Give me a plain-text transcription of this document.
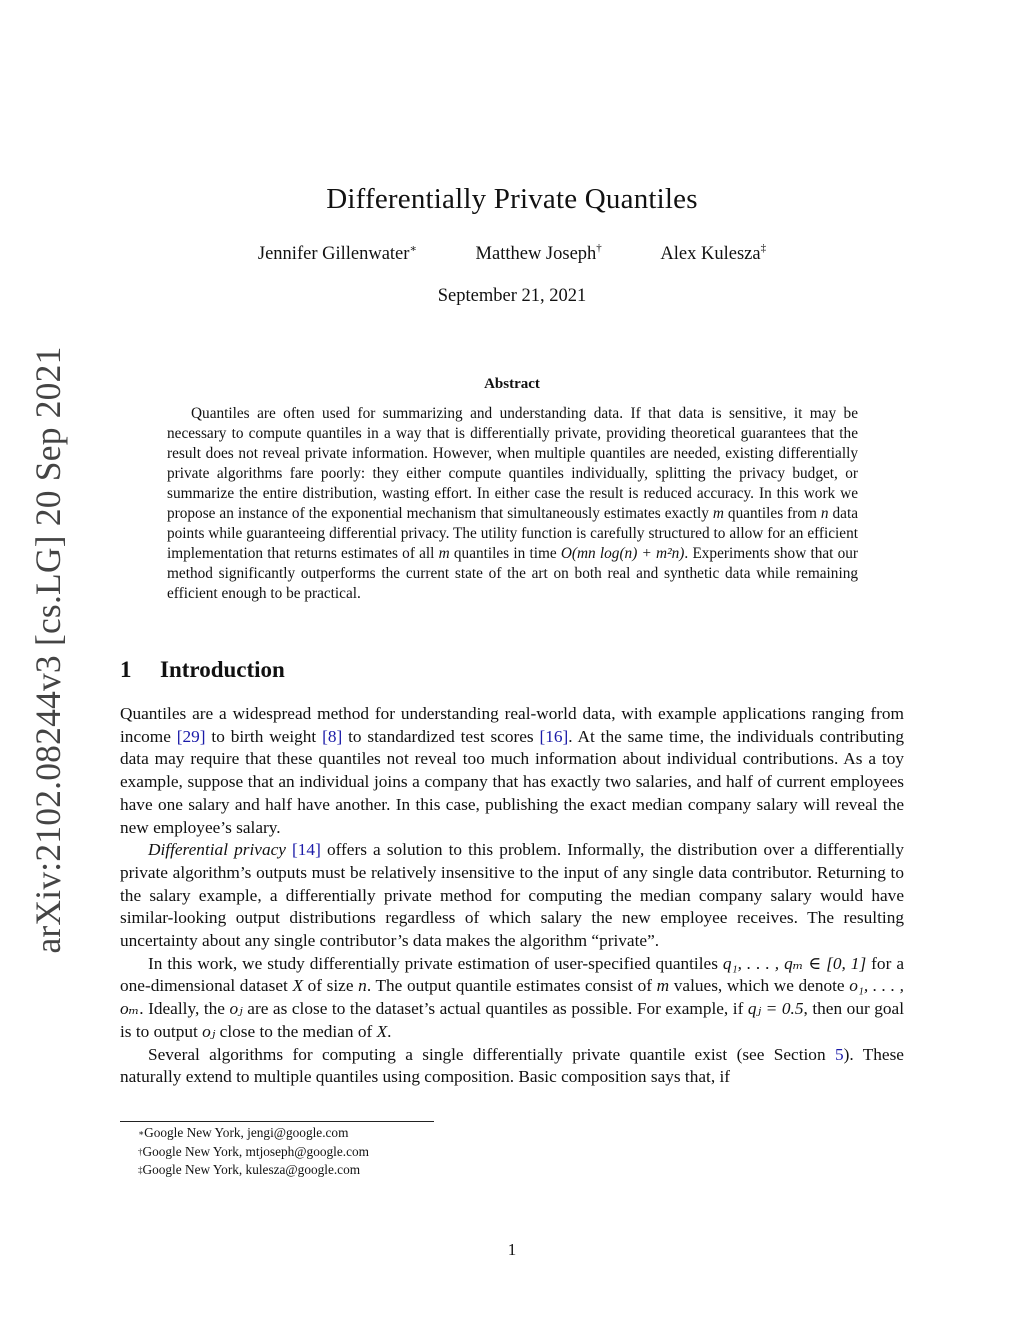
arXiv:2102.08244v3 [cs.LG] 20 Sep 2021
Differentially Private Quantiles
Jennifer Gillenwater∗	Matthew Joseph†	Alex Kulesza‡
September 21, 2021
Abstract

Quantiles are often used for summarizing and understanding data. If that data is sensitive, it may be necessary to compute quantiles in a way that is differentially private, providing theoretical guarantees that the result does not reveal private information. However, when multiple quantiles are needed, existing differentially private algorithms fare poorly: they either compute quantiles individually, splitting the privacy budget, or summarize the entire distribution, wasting effort. In either case the result is reduced accuracy. In this work we propose an instance of the exponential mechanism that simultaneously estimates exactly m quantiles from n data points while guaranteeing differential privacy. The utility function is carefully structured to allow for an efficient implementation that returns estimates of all m quantiles in time O(mn log(n) + m²n). Experiments show that our method significantly outperforms the current state of the art on both real and synthetic data while remaining efficient enough to be practical.

1 Introduction

Quantiles are a widespread method for understanding real-world data, with example applications ranging from income [29] to birth weight [8] to standardized test scores [16]. At the same time, the individuals contributing data may require that these quantiles not reveal too much information about individual contributions. As a toy example, suppose that an individual joins a company that has exactly two salaries, and half of current employees have one salary and half have another. In this case, publishing the exact median company salary will reveal the new employee’s salary.

Differential privacy [14] offers a solution to this problem. Informally, the distribution over a differentially private algorithm’s outputs must be relatively insensitive to the input of any single data contributor. Returning to the salary example, a differentially private method for computing the median company salary would have similar-looking output distributions regardless of which salary the new employee receives. The resulting uncertainty about any single contributor’s data makes the algorithm “private”.

In this work, we study differentially private estimation of user-specified quantiles q₁, . . . , qₘ ∈ [0, 1] for a one-dimensional dataset X of size n. The output quantile estimates consist of m values, which we denote o₁, . . . , oₘ. Ideally, the oⱼ are as close to the dataset’s actual quantiles as possible. For example, if qⱼ = 0.5, then our goal is to output oⱼ close to the median of X.

Several algorithms for computing a single differentially private quantile exist (see Section 5). These naturally extend to multiple quantiles using composition. Basic composition says that, if

∗Google New York, jengi@google.com
†Google New York, mtjoseph@google.com
‡Google New York, kulesza@google.com
1
